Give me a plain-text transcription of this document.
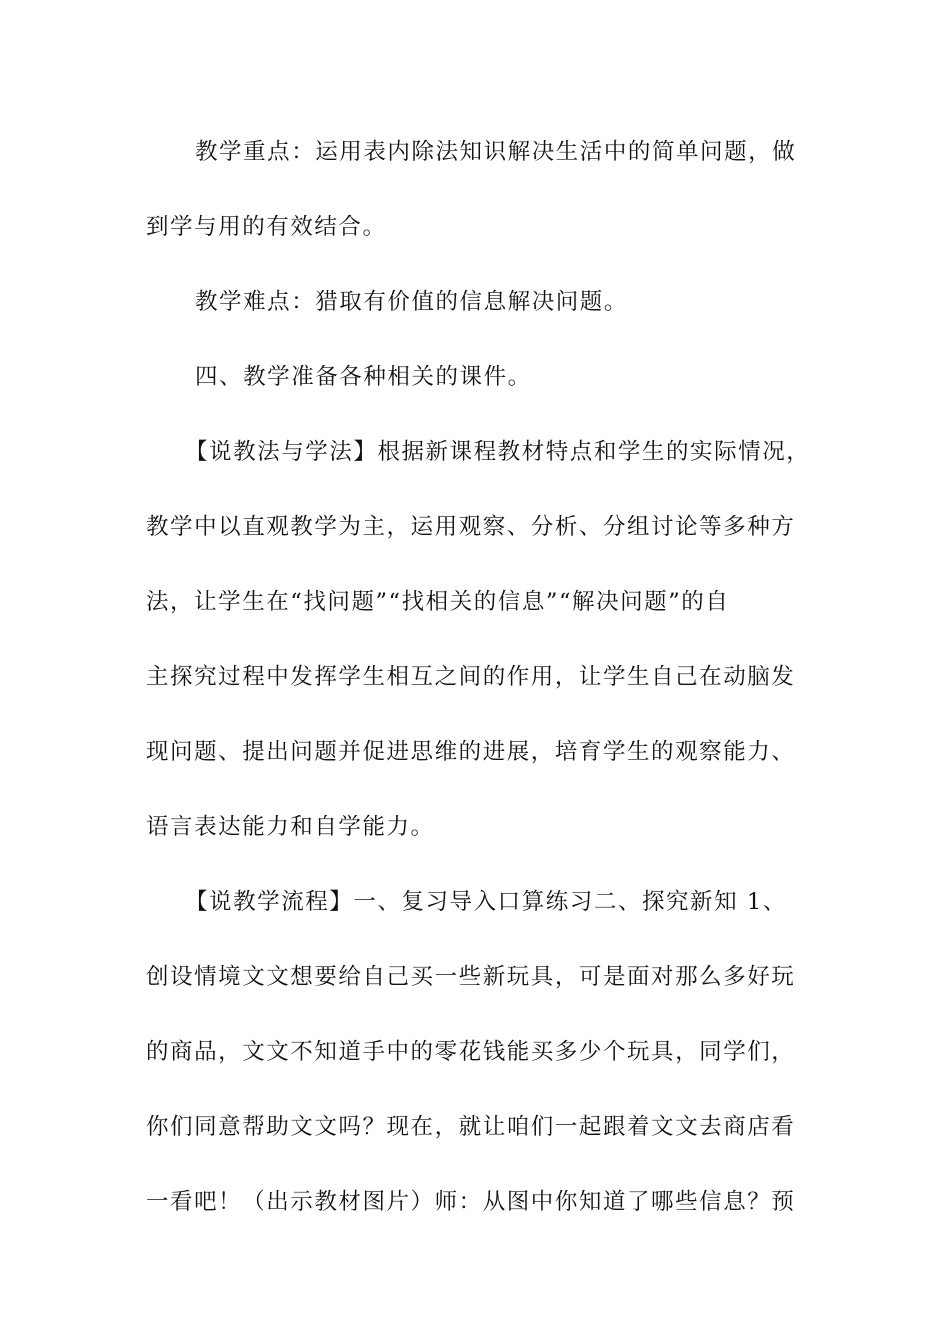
教学重点：运用表内除法知识解决生活中的简单问题，做
到学与用的有效结合。
教学难点：猎取有价值的信息解决问题。
四、教学准备各种相关的课件。
【说教法与学法】根据新课程教材特点和学生的实际情况，
教学中以直观教学为主，运用观察、分析、分组讨论等多种方
法，让学生在“找问题”“找相关的信息”“解决问题”的自
主探究过程中发挥学生相互之间的作用，让学生自己在动脑发
现问题、提出问题并促进思维的进展，培育学生的观察能力、
语言表达能力和自学能力。
【说教学流程】一、复习导入口算练习二、探究新知 1、
创设情境文文想要给自己买一些新玩具，可是面对那么多好玩
的商品，文文不知道手中的零花钱能买多少个玩具，同学们，
你们同意帮助文文吗？现在，就让咱们一起跟着文文去商店看
一看吧！（出示教材图片）师：从图中你知道了哪些信息？预
